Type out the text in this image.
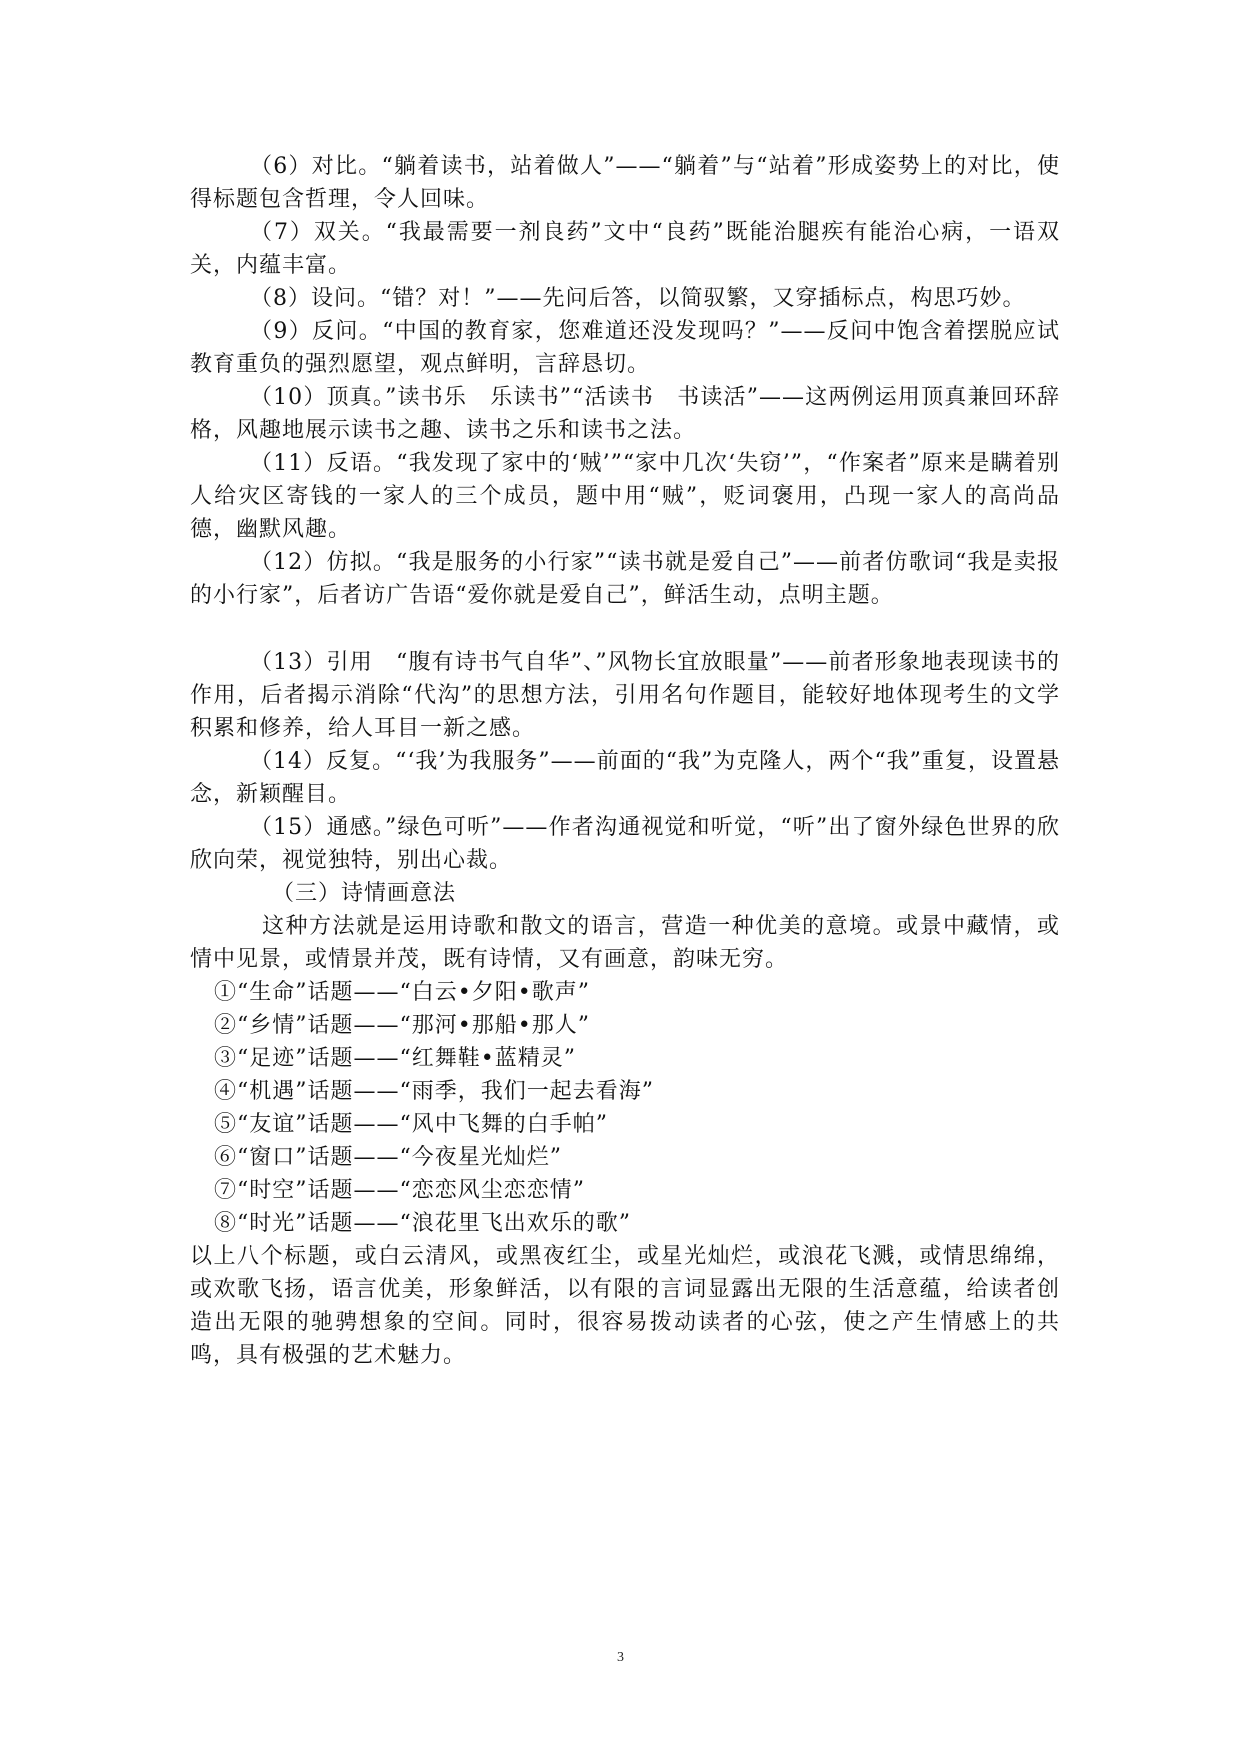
（6）对比。“躺着读书，站着做人”——“躺着”与“站着”形成姿势上的对比，使得标题包含哲理，令人回味。

（7）双关。“我最需要一剂良药”文中“良药”既能治腿疾有能治心病，一语双关，内蕴丰富。

（8）设问。“错？对！”——先问后答，以简驭繁，又穿插标点，构思巧妙。

（9）反问。“中国的教育家，您难道还没发现吗？”——反问中饱含着摆脱应试教育重负的强烈愿望，观点鲜明，言辞恳切。

（10）顶真。”读书乐　乐读书”“活读书　书读活”——这两例运用顶真兼回环辞格，风趣地展示读书之趣、读书之乐和读书之法。

（11）反语。“我发现了家中的‘贼’”“家中几次‘失窃’”，“作案者”原来是瞒着别人给灾区寄钱的一家人的三个成员，题中用“贼”，贬词褒用，凸现一家人的高尚品德，幽默风趣。

（12）仿拟。“我是服务的小行家”“读书就是爱自己”——前者仿歌词“我是卖报的小行家”，后者访广告语“爱你就是爱自己”，鲜活生动，点明主题。

（13）引用　“腹有诗书气自华”、”风物长宜放眼量”——前者形象地表现读书的作用，后者揭示消除“代沟”的思想方法，引用名句作题目，能较好地体现考生的文学积累和修养，给人耳目一新之感。

（14）反复。“‘我’为我服务”——前面的“我”为克隆人，两个“我”重复，设置悬念，新颖醒目。

（15）通感。”绿色可听”——作者沟通视觉和听觉，“听”出了窗外绿色世界的欣欣向荣，视觉独特，别出心裁。

（三）诗情画意法

这种方法就是运用诗歌和散文的语言，营造一种优美的意境。或景中藏情，或情中见景，或情景并茂，既有诗情，又有画意，韵味无穷。

①“生命”话题——“白云•夕阳•歌声”

②“乡情”话题——“那河•那船•那人”

③“足迹”话题——“红舞鞋•蓝精灵”

④“机遇”话题——“雨季，我们一起去看海”

⑤“友谊”话题——“风中飞舞的白手帕”

⑥“窗口”话题——“今夜星光灿烂”

⑦“时空”话题——“恋恋风尘恋恋情”

⑧“时光”话题——“浪花里飞出欢乐的歌”

以上八个标题，或白云清风，或黑夜红尘，或星光灿烂，或浪花飞溅，或情思绵绵，或欢歌飞扬，语言优美，形象鲜活，以有限的言词显露出无限的生活意蕴，给读者创造出无限的驰骋想象的空间。同时，很容易拨动读者的心弦，使之产生情感上的共鸣，具有极强的艺术魅力。

3
